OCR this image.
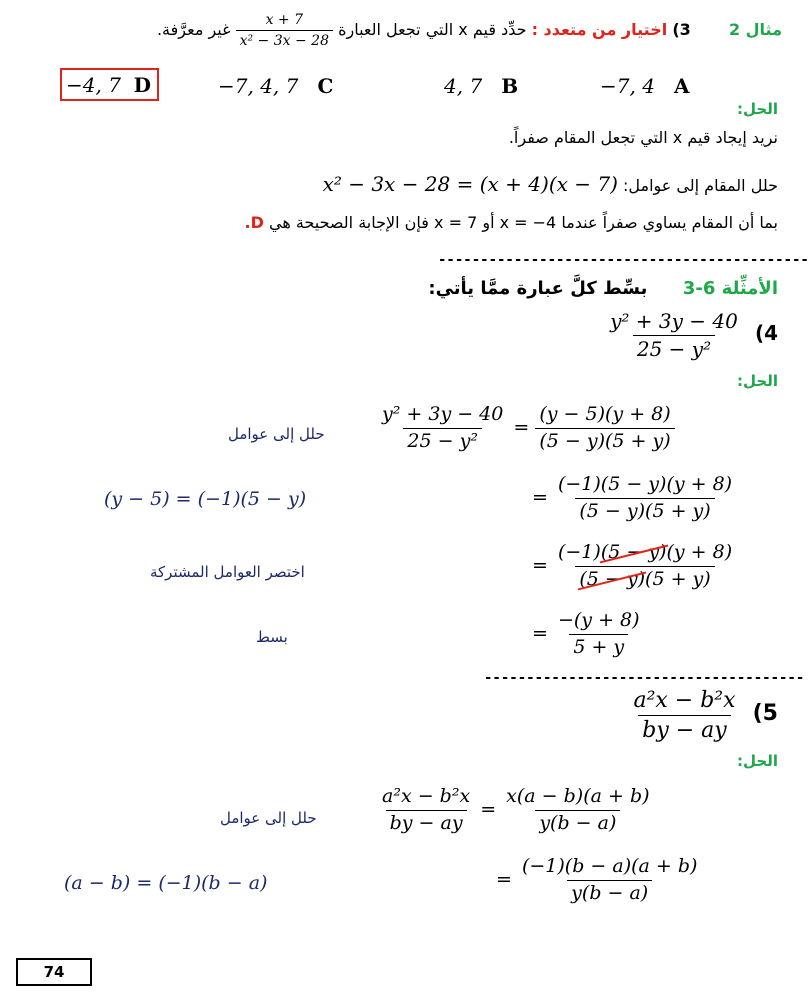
مثال 2  3) اختيار من متعدد : حدِّد قيم x التي تجعل العبارة
$\frac{x + 7}{\text{x² − 3x − 28}}$
غير معرَّفة.
−7, 4 A
4, 7 B
−7, 4, 7 C
−4, 7 D
الحل:
نريد إيجاد قيم x التي تجعل المقام صفراً.
حلل المقام إلى عوامل: x² − 3x − 28 = (x + 4)(x − 7)
بما أن المقام يساوي صفراً عندما x = −4 أو x = 7 فإن الإجابة الصحيحة هي D.
--------------------------------------------
الأمثِّلة 6-3  بسِّط كلَّ عبارة ممَّا يأتي:
$\frac{\text{y² + 3y − 40}}{\text{25 − y²}} (4$
الحل:
حلل إلى عوامل	$\frac{\text{y² + 3y − 40}}{\text{25 − y²}} = \frac{(y - 5)(y + 8)}{(5 - y)(5 + y)}$
(y − 5) = (−1)(5 − y)	= $\frac{(-1)(5 - y)(y + 8)}{(5 - y)(5 + y)}$
اختصر العوامل المشتركة	= $\frac{(-1)(5 - y)(y + 8)}{(5 - y)(5 + y)}$
بسط	= $\frac{-(y + 8)}{5 + y}$
--------------------------------------
$\frac{\text{a²x − b²x}}{by - ay} (5$
الحل:
حلل إلى عوامل	$\frac{\text{a²x − b²x}}{by - ay} = \frac{x(a - b)(a + b)}{y(b - a)}$
(a − b) = (−1)(b − a)	= $\frac{(-1)(b - a)(a + b)}{y(b - a)}$
74
